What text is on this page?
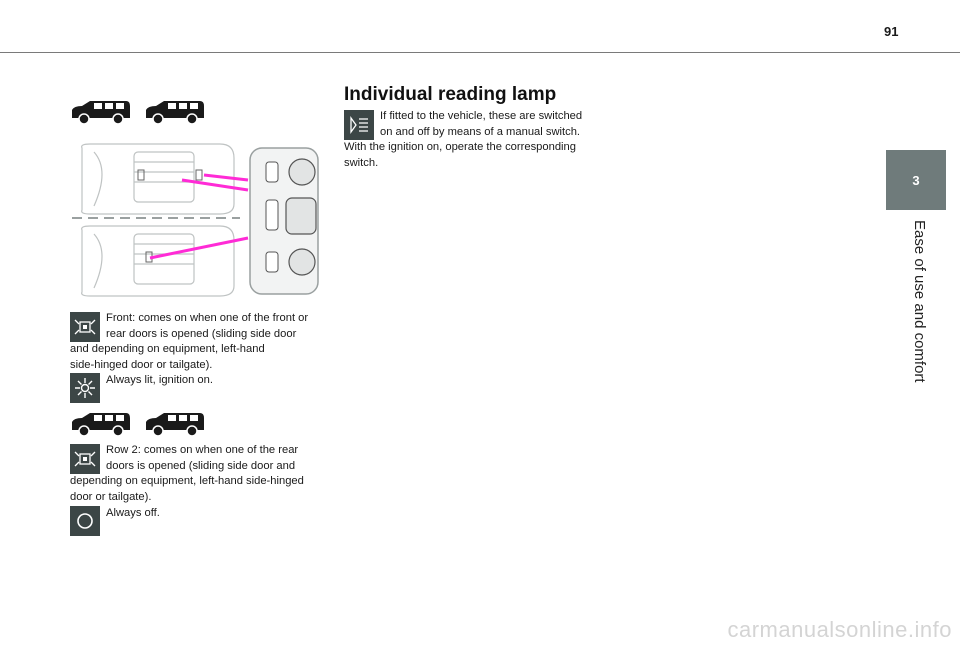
91
3
Ease of use and comfort
Front: comes on when one of the front or
rear doors is opened (sliding side door
and depending on equipment, left-hand
side-hinged door or tailgate).
Always lit, ignition on.
Row 2: comes on when one of the rear
doors is opened (sliding side door and
depending on equipment, left-hand side-hinged
door or tailgate).
Always off.
Individual reading lamp
If fitted to the vehicle, these are switched
on and off by means of a manual switch.
With the ignition on, operate the corresponding
switch.
carmanualsonline.info
